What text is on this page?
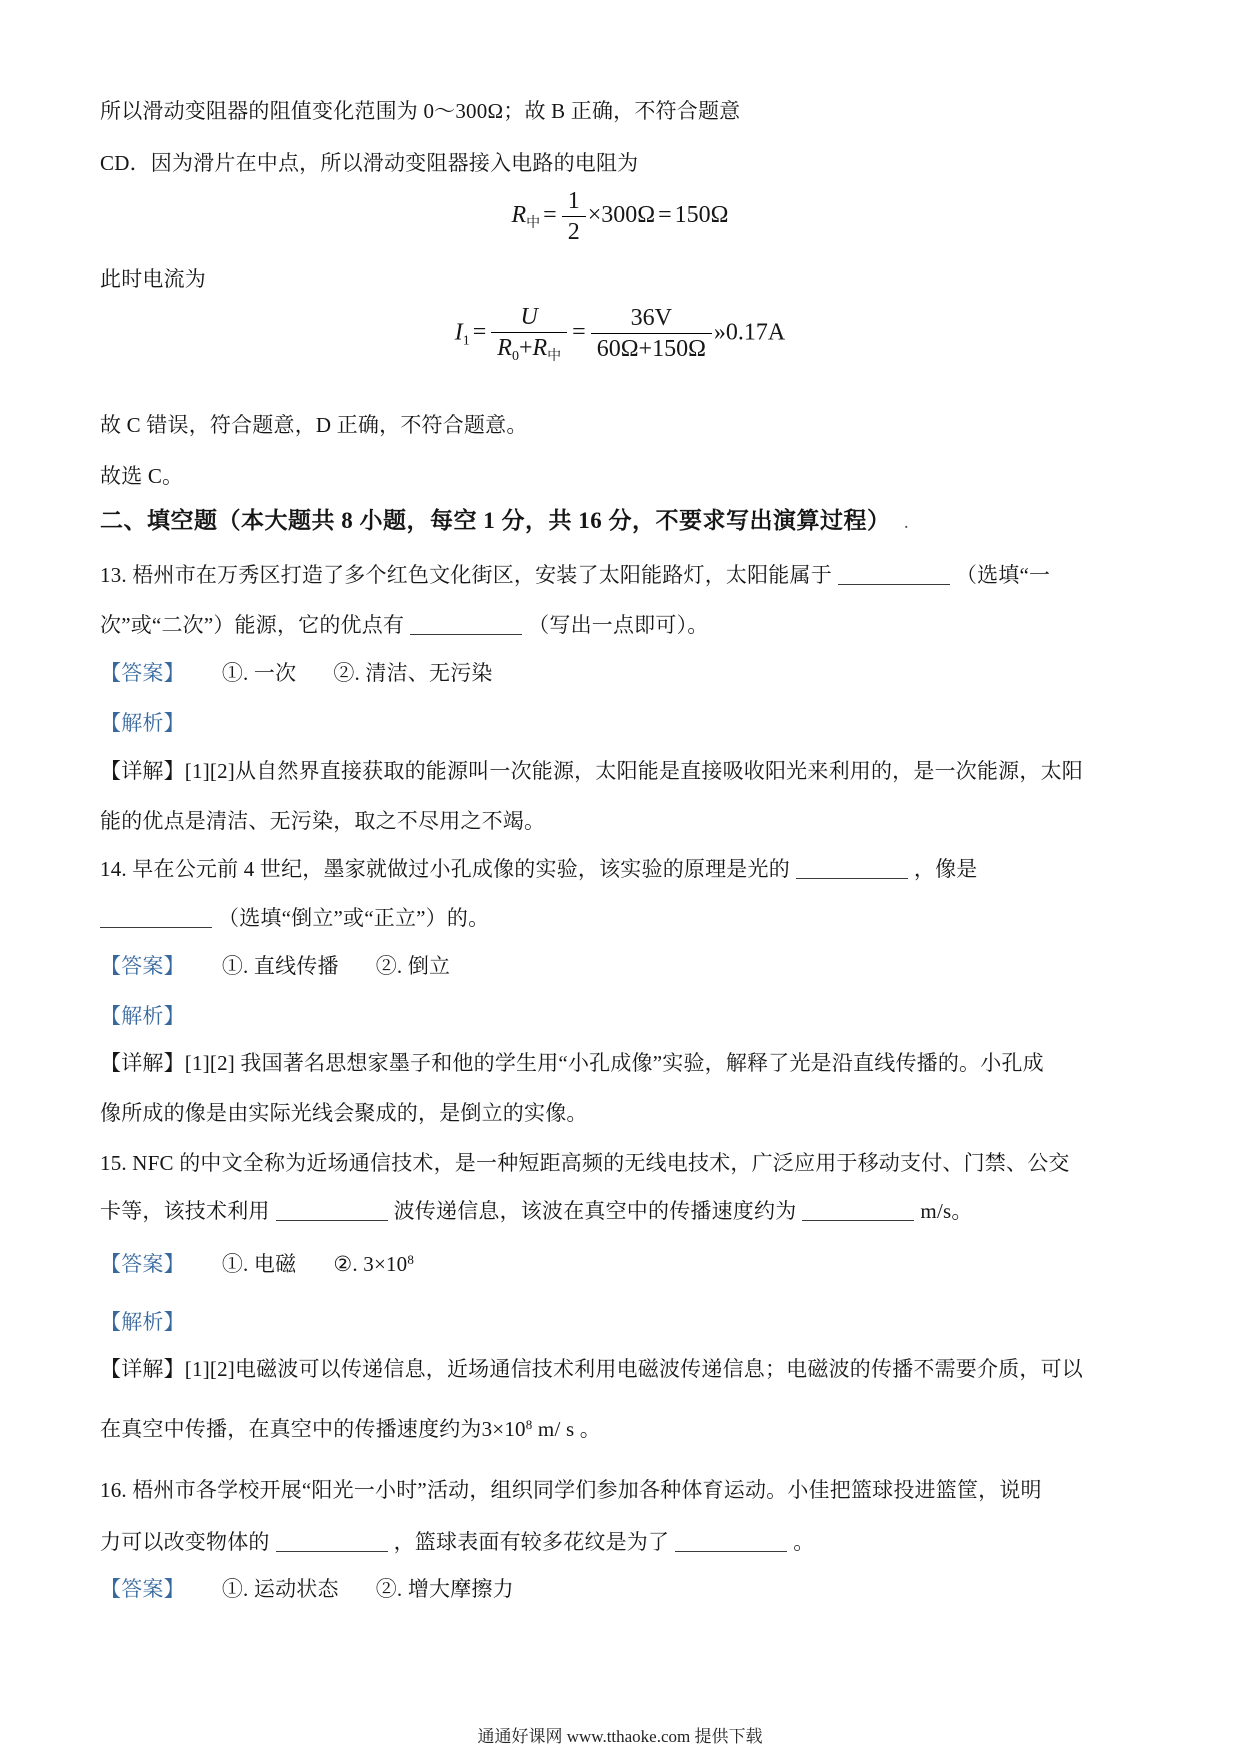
所以滑动变阻器的阻值变化范围为 0～300Ω；故 B 正确，不符合题意

CD．因为滑片在中点，所以滑动变阻器接入电路的电阻为

$R_中 = \frac{1}{2} \times 300\Omega = 150\Omega$

此时电流为

$I_1 = \frac{U}{R_0+R_中} = \frac{36V}{60\Omega+150\Omega}$ »0.17A

故 C 错误，符合题意，D 正确，不符合题意。

故选 C。

二、填空题（本大题共 8 小题，每空 1 分，共 16 分，不要求写出演算过程） .

13. 梧州市在万秀区打造了多个红色文化街区，安装了太阳能路灯，太阳能属于	（选填“一

次”或“二次”）能源，它的优点有	（写出一点即可）。

【答案】 ①. 一次 ②. 清洁、无污染

【解析】

【详解】[1][2]从自然界直接获取的能源叫一次能源，太阳能是直接吸收阳光来利用的，是一次能源，太阳

能的优点是清洁、无污染，取之不尽用之不竭。

14. 早在公元前 4 世纪，墨家就做过小孔成像的实验，该实验的原理是光的	，像是

（选填“倒立”或“正立”）的。

【答案】 ①. 直线传播 ②. 倒立

【解析】

【详解】[1][2] 我国著名思想家墨子和他的学生用“小孔成像”实验，解释了光是沿直线传播的。小孔成

像所成的像是由实际光线会聚成的，是倒立的实像。

15. NFC 的中文全称为近场通信技术，是一种短距高频的无线电技术，广泛应用于移动支付、门禁、公交

卡等，该技术利用	波传递信息，该波在真空中的传播速度约为	m/s。

【答案】 ①. 电磁 ②. $3\times 10^8$

【解析】

【详解】[1][2]电磁波可以传递信息，近场通信技术利用电磁波传递信息；电磁波的传播不需要介质，可以

在真空中传播，在真空中的传播速度约为$3\times 10^8$ m/ s 。

16. 梧州市各学校开展“阳光一小时”活动，组织同学们参加各种体育运动。小佳把篮球投进篮筐，说明

力可以改变物体的	，篮球表面有较多花纹是为了	。

【答案】 ①. 运动状态 ②. 增大摩擦力

通通好课网 www.tthaoke.com 提供下载
